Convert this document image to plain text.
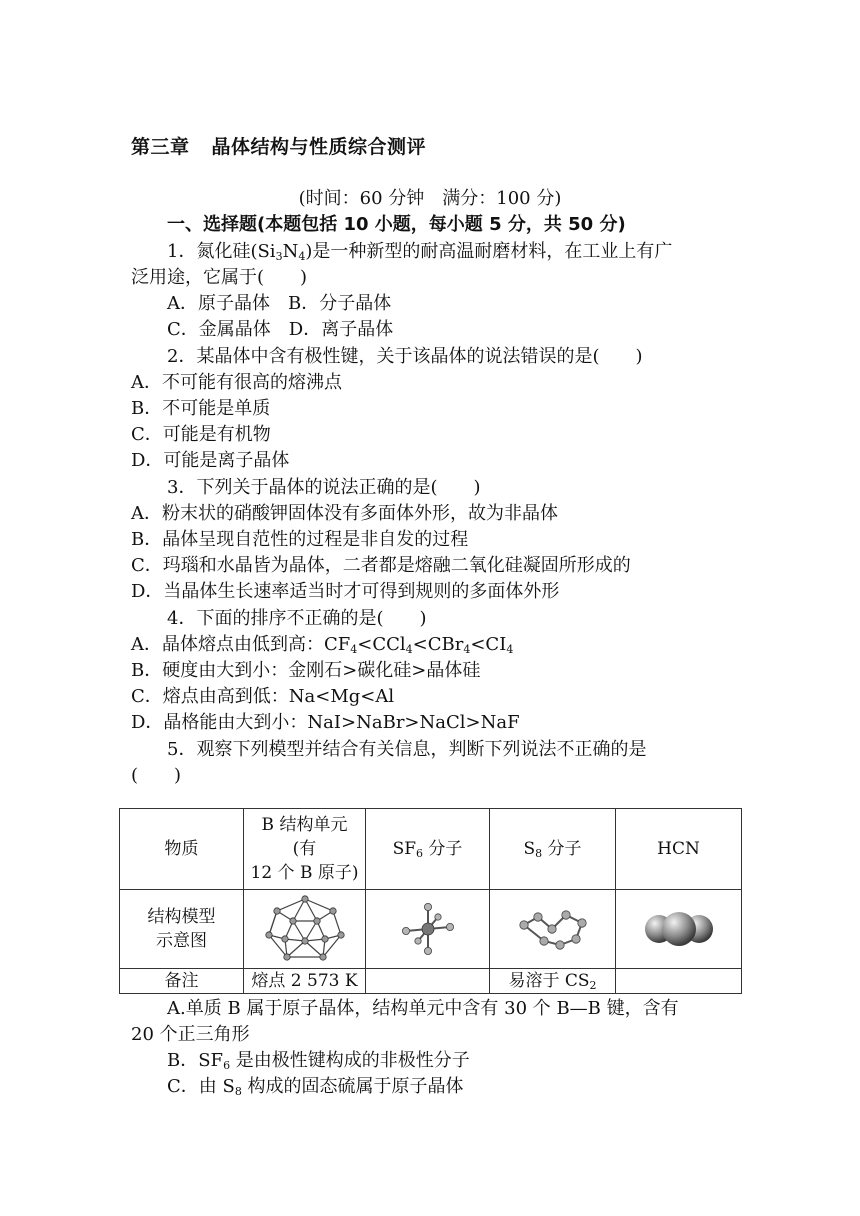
第三章 晶体结构与性质综合测评
(时间：60 分钟　满分：100 分)
一、选择题(本题包括 10 小题，每小题 5 分，共 50 分)
1．氮化硅$(Si_3N_4)$是一种新型的耐高温耐磨材料，在工业上有广
泛用途，它属于(　　)
A．原子晶体　B．分子晶体
C．金属晶体　D．离子晶体
2．某晶体中含有极性键，关于该晶体的说法错误的是(　　)
A．不可能有很高的熔沸点
B．不可能是单质
C．可能是有机物
D．可能是离子晶体
3．下列关于晶体的说法正确的是(　　)
A．粉末状的硝酸钾固体没有多面体外形，故为非晶体
B．晶体呈现自范性的过程是非自发的过程
C．玛瑙和水晶皆为晶体，二者都是熔融二氧化硅凝固所形成的
D．当晶体生长速率适当时才可得到规则的多面体外形
4．下面的排序不正确的是(　　)
A．晶体熔点由低到高：$CF_4<CCl_4<CBr_4<CI_4$
B．硬度由大到小：金刚石>碳化硅>晶体硅
C．熔点由高到低：Na<Mg<Al
D．晶格能由大到小：NaI>NaBr>NaCl>NaF
5．观察下列模型并结合有关信息，判断下列说法不正确的是
(　　)
物质	B 结构单元
(有
12 个 B 原子)	$SF_6$ 分子	$S_8$ 分子	HCN

结构模型
示意图

备注	熔点 2 573 K		易溶于 $CS_2$	
A.单质 B 属于原子晶体，结构单元中含有 30 个 B—B 键，含有
20 个正三角形
B．$SF_6$ 是由极性键构成的非极性分子
C．由 $S_8$ 构成的固态硫属于原子晶体
